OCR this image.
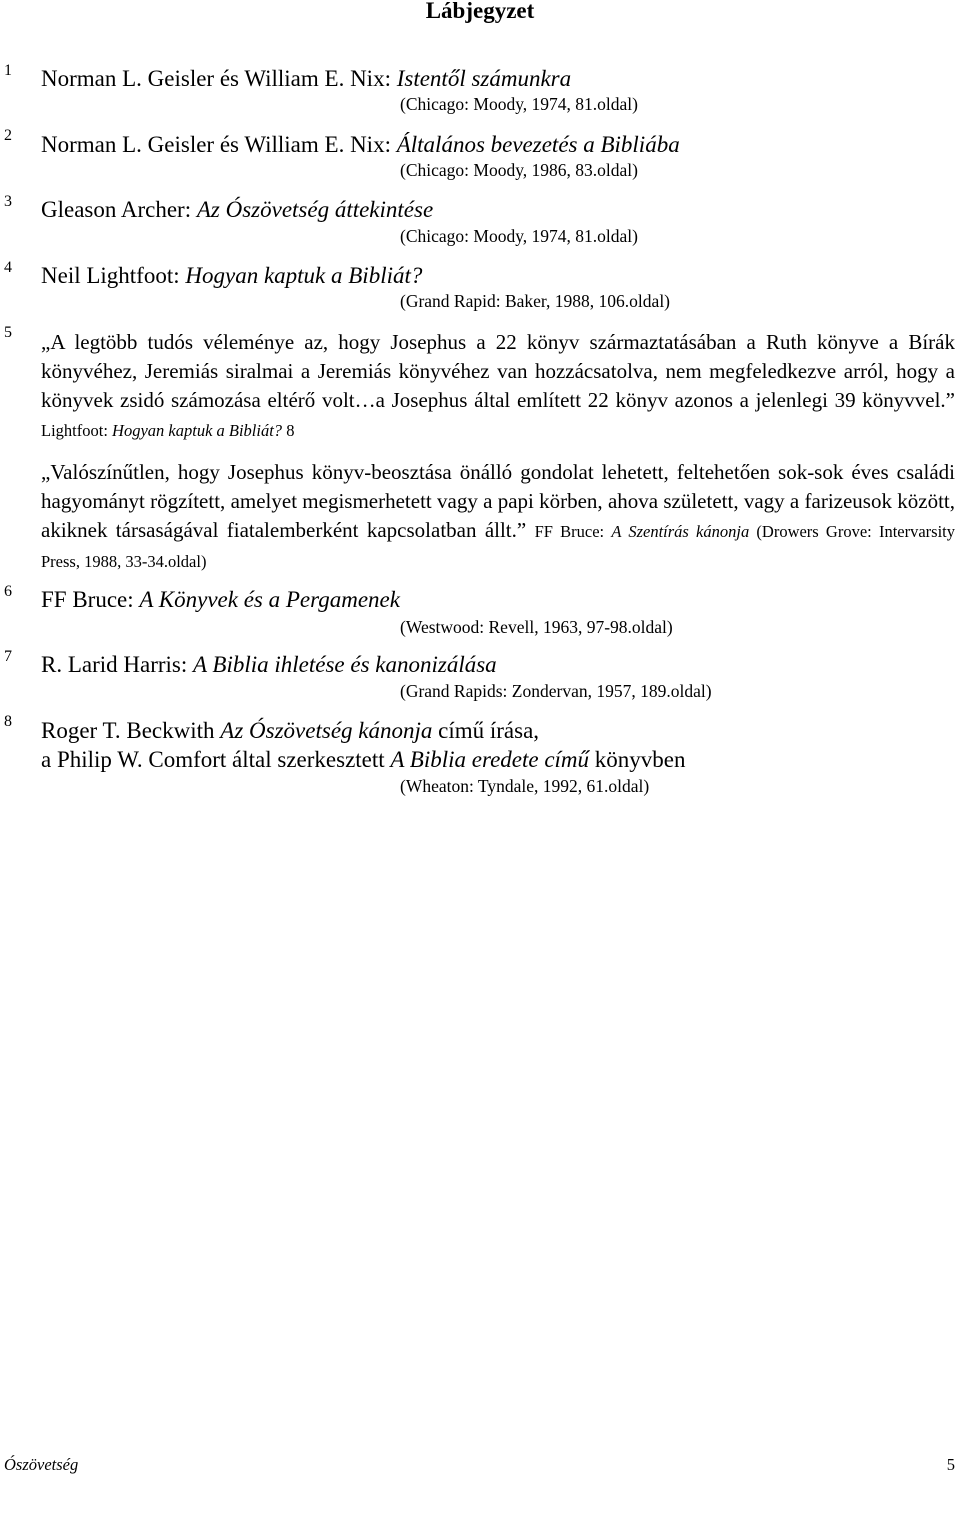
Lábjegyzet
1 Norman L. Geisler és William E. Nix: Istentől számunkra
(Chicago: Moody, 1974, 81.oldal)
2 Norman L. Geisler és William E. Nix: Általános bevezetés a Bibliába
(Chicago: Moody, 1986, 83.oldal)
3 Gleason Archer: Az Ószövetség áttekintése
(Chicago: Moody, 1974, 81.oldal)
4 Neil Lightfoot: Hogyan kaptuk a Bibliát?
(Grand Rapid: Baker, 1988, 106.oldal)
5 „A legtöbb tudós véleménye az, hogy Josephus a 22 könyv származtatásában a Ruth könyve a Bírák könyvéhez, Jeremiás siralmai a Jeremiás könyvéhez van hozzácsatolva, nem megfeledkezve arról, hogy a könyvek zsidó számozása eltérő volt…a Josephus által említett 22 könyv azonos a jelenlegi 39 könyvvel.” Lightfoot: Hogyan kaptuk a Bibliát? 8
„Valószínűtlen, hogy Josephus könyv-beosztása önálló gondolat lehetett, feltehetően sok-sok éves családi hagyományt rögzített, amelyet megismerhetett vagy a papi körben, ahova született, vagy a farizeusok között, akiknek társaságával fiatalemberként kapcsolatban állt.” FF Bruce: A Szentírás kánonja (Drowers Grove: Intervarsity Press, 1988, 33-34.oldal)
6 FF Bruce: A Könyvek és a Pergamenek
(Westwood: Revell, 1963, 97-98.oldal)
7 R. Larid Harris: A Biblia ihletése és kanonizálása
(Grand Rapids: Zondervan, 1957, 189.oldal)
8 Roger T. Beckwith Az Ószövetség kánonja című írása,
a Philip W. Comfort által szerkesztett A Biblia eredete című könyvben
(Wheaton: Tyndale, 1992, 61.oldal)
Ószövetség	5
